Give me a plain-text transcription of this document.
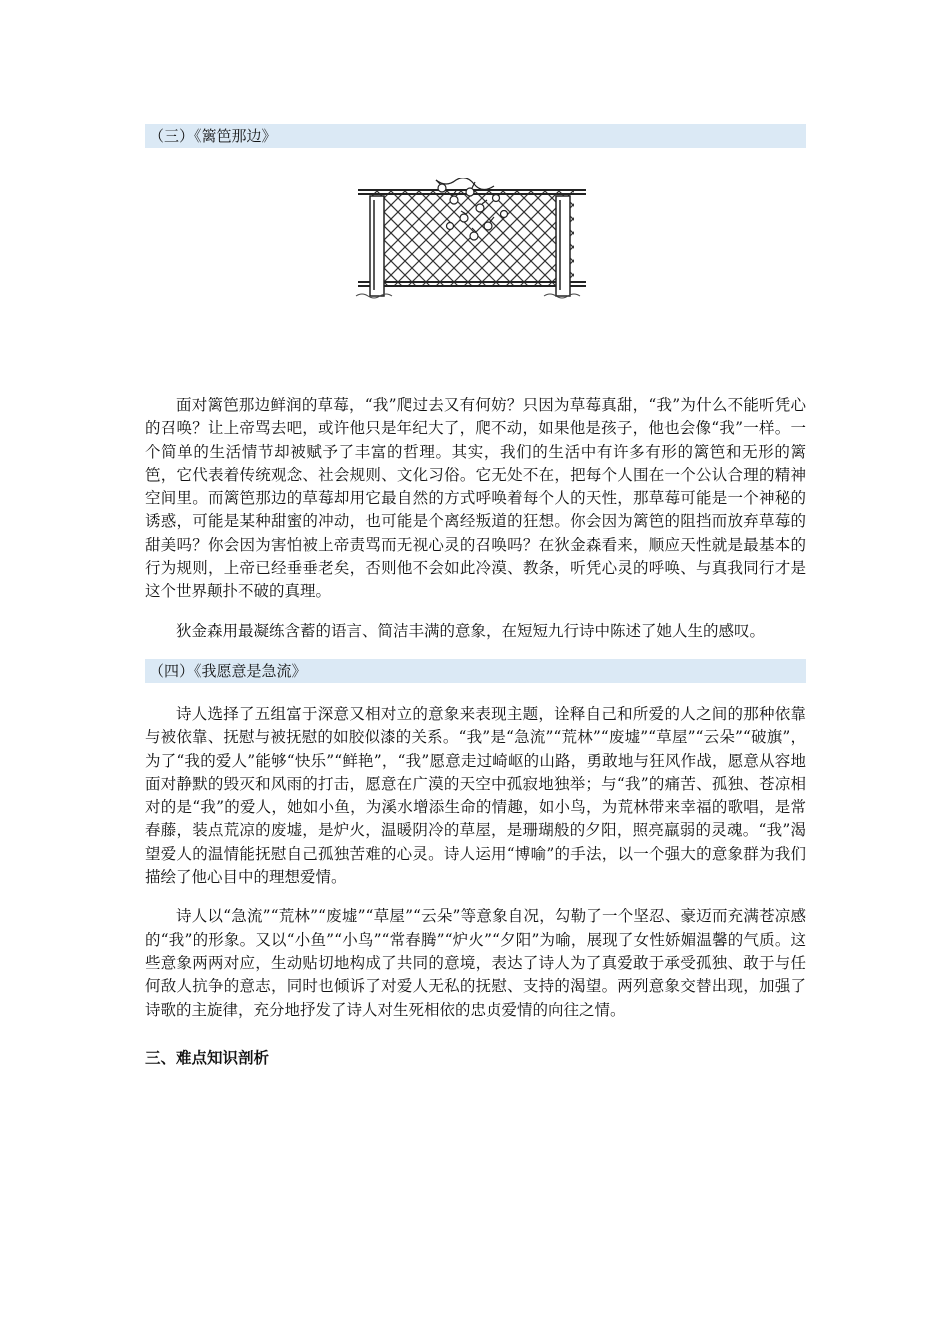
（三）《篱笆那边》

面对篱笆那边鲜润的草莓，“我”爬过去又有何妨？只因为草莓真甜，“我”为什么不能听凭心的召唤？让上帝骂去吧，或许他只是年纪大了，爬不动，如果他是孩子，他也会像“我”一样。一个简单的生活情节却被赋予了丰富的哲理。其实，我们的生活中有许多有形的篱笆和无形的篱笆，它代表着传统观念、社会规则、文化习俗。它无处不在，把每个人围在一个公认合理的精神空间里。而篱笆那边的草莓却用它最自然的方式呼唤着每个人的天性，那草莓可能是一个神秘的诱惑，可能是某种甜蜜的冲动，也可能是个离经叛道的狂想。你会因为篱笆的阻挡而放弃草莓的甜美吗？你会因为害怕被上帝责骂而无视心灵的召唤吗？在狄金森看来，顺应天性就是最基本的行为规则，上帝已经垂垂老矣，否则他不会如此冷漠、教条，听凭心灵的呼唤、与真我同行才是这个世界颠扑不破的真理。

狄金森用最凝练含蓄的语言、简洁丰满的意象，在短短九行诗中陈述了她人生的感叹。

（四）《我愿意是急流》

诗人选择了五组富于深意又相对立的意象来表现主题，诠释自己和所爱的人之间的那种依靠与被依靠、抚慰与被抚慰的如胶似漆的关系。“我”是“急流”“荒林”“废墟”“草屋”“云朵”“破旗”，为了“我的爱人”能够“快乐”“鲜艳”，“我”愿意走过崎岖的山路，勇敢地与狂风作战，愿意从容地面对静默的毁灭和风雨的打击，愿意在广漠的天空中孤寂地独举；与“我”的痛苦、孤独、苍凉相对的是“我”的爱人，她如小鱼，为溪水增添生命的情趣，如小鸟，为荒林带来幸福的歌唱，是常春藤，装点荒凉的废墟，是炉火，温暖阴冷的草屋，是珊瑚般的夕阳，照亮羸弱的灵魂。“我”渴望爱人的温情能抚慰自己孤独苦难的心灵。诗人运用“博喻”的手法，以一个强大的意象群为我们描绘了他心目中的理想爱情。

诗人以“急流”“荒林”“废墟”“草屋”“云朵”等意象自况，勾勒了一个坚忍、豪迈而充满苍凉感的“我”的形象。又以“小鱼”“小鸟”“常春腾”“炉火”“夕阳”为喻，展现了女性娇媚温馨的气质。这些意象两两对应，生动贴切地构成了共同的意境，表达了诗人为了真爱敢于承受孤独、敢于与任何敌人抗争的意志，同时也倾诉了对爱人无私的抚慰、支持的渴望。两列意象交替出现，加强了诗歌的主旋律，充分地抒发了诗人对生死相依的忠贞爱情的向往之情。

三、难点知识剖析
